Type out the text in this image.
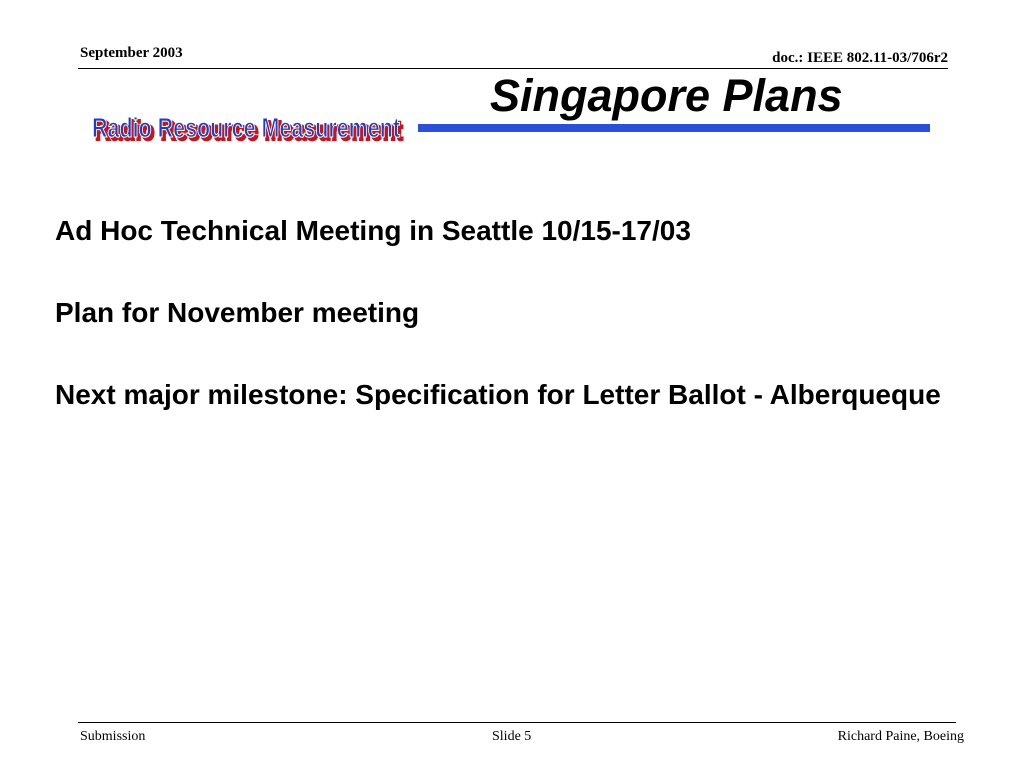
September 2003	doc.: IEEE 802.11-03/706r2
Singapore Plans
Radio Resource Measurement
Radio Resource Measurement

Ad Hoc Technical Meeting in Seattle 10/15-17/03

Plan for November meeting

Next major milestone: Specification for Letter Ballot - Alberqueque

Submission	Slide 5	Richard Paine, Boeing
